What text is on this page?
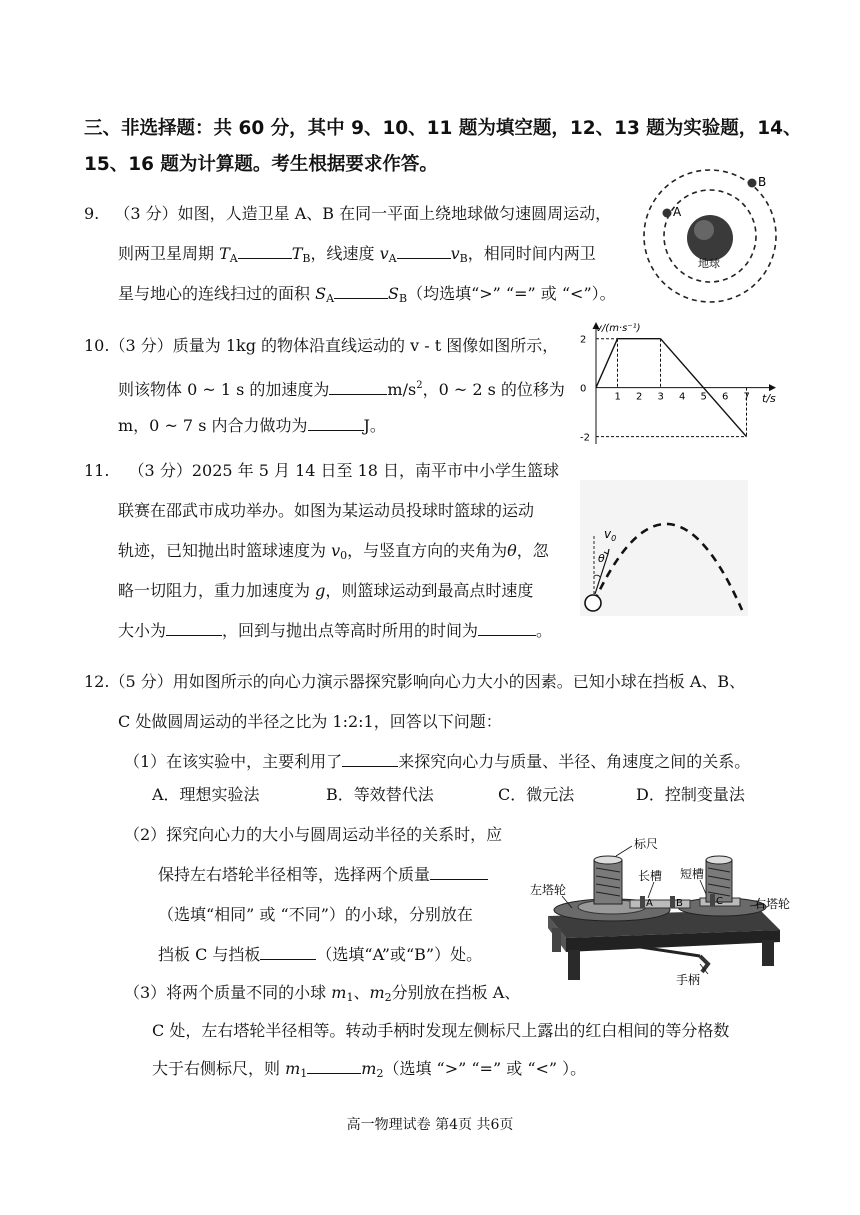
三、非选择题：共 60 分，其中 9、10、11 题为填空题，12、13 题为实验题，14、
15、16 题为计算题。考生根据要求作答。
9. （3 分）如图，人造卫星 A、B 在同一平面上绕地球做匀速圆周运动，
则两卫星周期 $T_A$	$T_B$，线速度 $v_A$	$v_B$，相同时间内两卫
星与地心的连线扫过的面积 $S_A$	$S_B$（均选填“>” “=” 或 “<”）。
A
B
地球
10.（3 分）质量为 1kg 的物体沿直线运动的 v - t 图像如图所示，
则该物体 0 ~ 1 s 的加速度为	$m/s^2$，0 ~ 2 s 的位移为
m，0 ~ 7 s 内合力做功为	J。
1 2 3 4 5 6 7
2
0
-2
v/(m·s⁻¹)
t/s
11. （3 分）2025 年 5 月 14 日至 18 日，南平市中小学生篮球
联赛在邵武市成功举办。如图为某运动员投球时篮球的运动
轨迹，已知抛出时篮球速度为 $v_0$，与竖直方向的夹角为θ，忽
略一切阻力，重力加速度为 g，则篮球运动到最高点时速度
大小为	，回到与抛出点等高时所用的时间为	。
$v_0$
θ
12.（5 分）用如图所示的向心力演示器探究影响向心力大小的因素。已知小球在挡板 A、B、
C 处做圆周运动的半径之比为 1:2:1，回答以下问题：
（1）在该实验中，主要利用了	来探究向心力与质量、半径、角速度之间的关系。
A．理想实验法	B．等效替代法	C．微元法	D．控制变量法
（2）探究向心力的大小与圆周运动半径的关系时，应
保持左右塔轮半径相等，选择两个质量
（选填“相同” 或 “不同”）的小球，分别放在
挡板 C 与挡板	（选填“A”或“B”）处。
（3）将两个质量不同的小球 $m_1$、$m_2$分别放在挡板 A、
C 处，左右塔轮半径相等。转动手柄时发现左侧标尺上露出的红白相间的等分格数
大于右侧标尺，则 $m_1$	$m_2$（选填 “>” “=” 或 “<” ）。
A B	C
标尺
长槽 短槽
左塔轮
右塔轮
手柄
高一物理试卷 第4页 共6页
